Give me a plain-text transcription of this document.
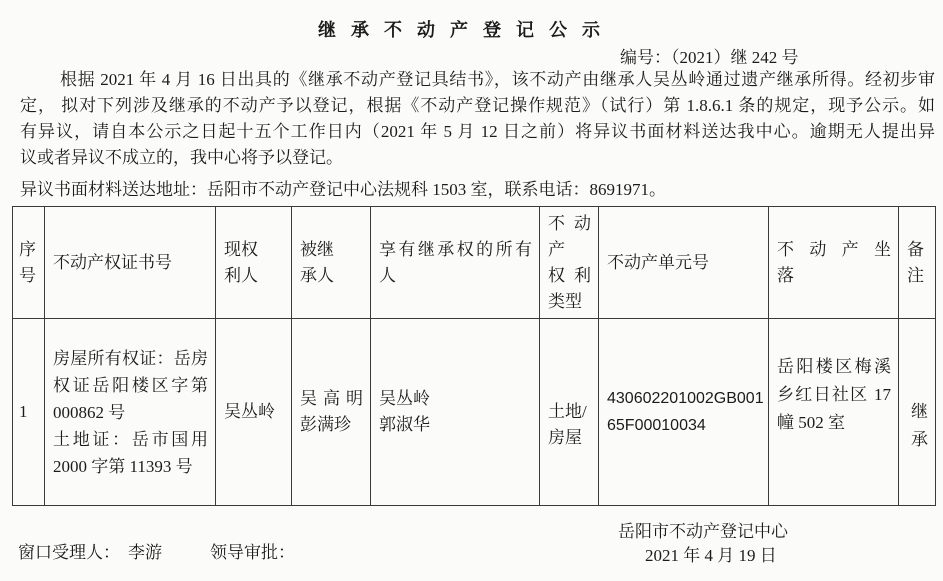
继承不动产登记公示
编号：（2021）继 242 号
根据 2021 年 4 月 16 日出具的《继承不动产登记具结书》，该不动产由继承人吴丛岭通过遗产继承所得。经初步审
定， 拟对下列涉及继承的不动产予以登记，根据《不动产登记操作规范》（试行）第 1.8.6.1 条的规定，现予公示。如
有异议，请自本公示之日起十五个工作日内（2021 年 5 月 12 日之前）将异议书面材料送达我中心。逾期无人提出异
议或者异议不成立的，我中心将予以登记。
异议书面材料送达地址：岳阳市不动产登记中心法规科 1503 室，联系电话：8691971。
序
号	不动产权证书号	现权
利人	被继
承人	享有继承权的所有
人	不动
产
权利
类型	不动产单元号	不动产坐
落	备
注

1	房屋所有权证：岳房
权证岳阳楼区字第
000862 号
土地证：岳市国用
2000 字第 11393 号	吴丛岭	吴高明
彭满珍	吴丛岭
郭淑华	土地/
房屋	430602201002GB001
65F00010034	岳阳楼区梅溪
乡红日社区 17
幢 502 室	继
承
岳阳市不动产登记中心
窗口受理人： 李游	领导审批：	2021 年 4 月 19 日
